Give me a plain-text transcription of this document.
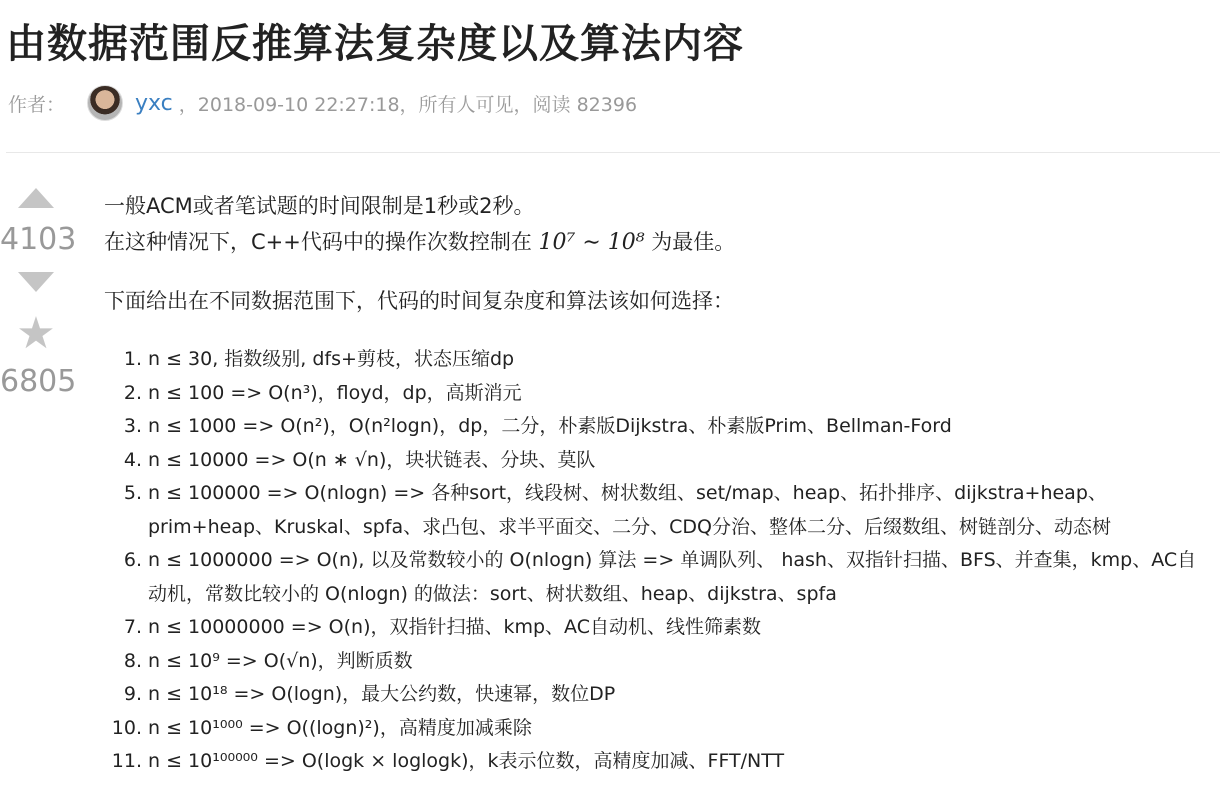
由数据范围反推算法复杂度以及算法内容
作者：	yxc ，2018-09-10 22:27:18，所有人可见，阅读 82396
4103
★
6805

一般ACM或者笔试题的时间限制是1秒或2秒。

在这种情况下，C++代码中的操作次数控制在 10⁷ ∼ 10⁸ 为最佳。

下面给出在不同数据范围下，代码的时间复杂度和算法该如何选择：

1. n ≤ 30, 指数级别, dfs+剪枝，状态压缩dp
2. n ≤ 100 => O(n³)，floyd，dp，高斯消元
3. n ≤ 1000 => O(n²)，O(n²logn)，dp，二分，朴素版Dijkstra、朴素版Prim、Bellman-Ford
4. n ≤ 10000 => O(n ∗ √n)，块状链表、分块、莫队
5. n ≤ 100000 => O(nlogn) => 各种sort，线段树、树状数组、set/map、heap、拓扑排序、dijkstra+heap、prim+heap、Kruskal、spfa、求凸包、求半平面交、二分、CDQ分治、整体二分、后缀数组、树链剖分、动态树
6. n ≤ 1000000 => O(n), 以及常数较小的 O(nlogn) 算法 => 单调队列、 hash、双指针扫描、BFS、并查集，kmp、AC自动机，常数比较小的 O(nlogn) 的做法：sort、树状数组、heap、dijkstra、spfa
7. n ≤ 10000000 => O(n)，双指针扫描、kmp、AC自动机、线性筛素数
8. n ≤ 10⁹ => O(√n)，判断质数
9. n ≤ 10¹⁸ => O(logn)，最大公约数，快速幂，数位DP
10. n ≤ 10¹⁰⁰⁰ => O((logn)²)，高精度加减乘除
11. n ≤ 10¹⁰⁰⁰⁰⁰ => O(logk × loglogk)，k表示位数，高精度加减、FFT/NTT
